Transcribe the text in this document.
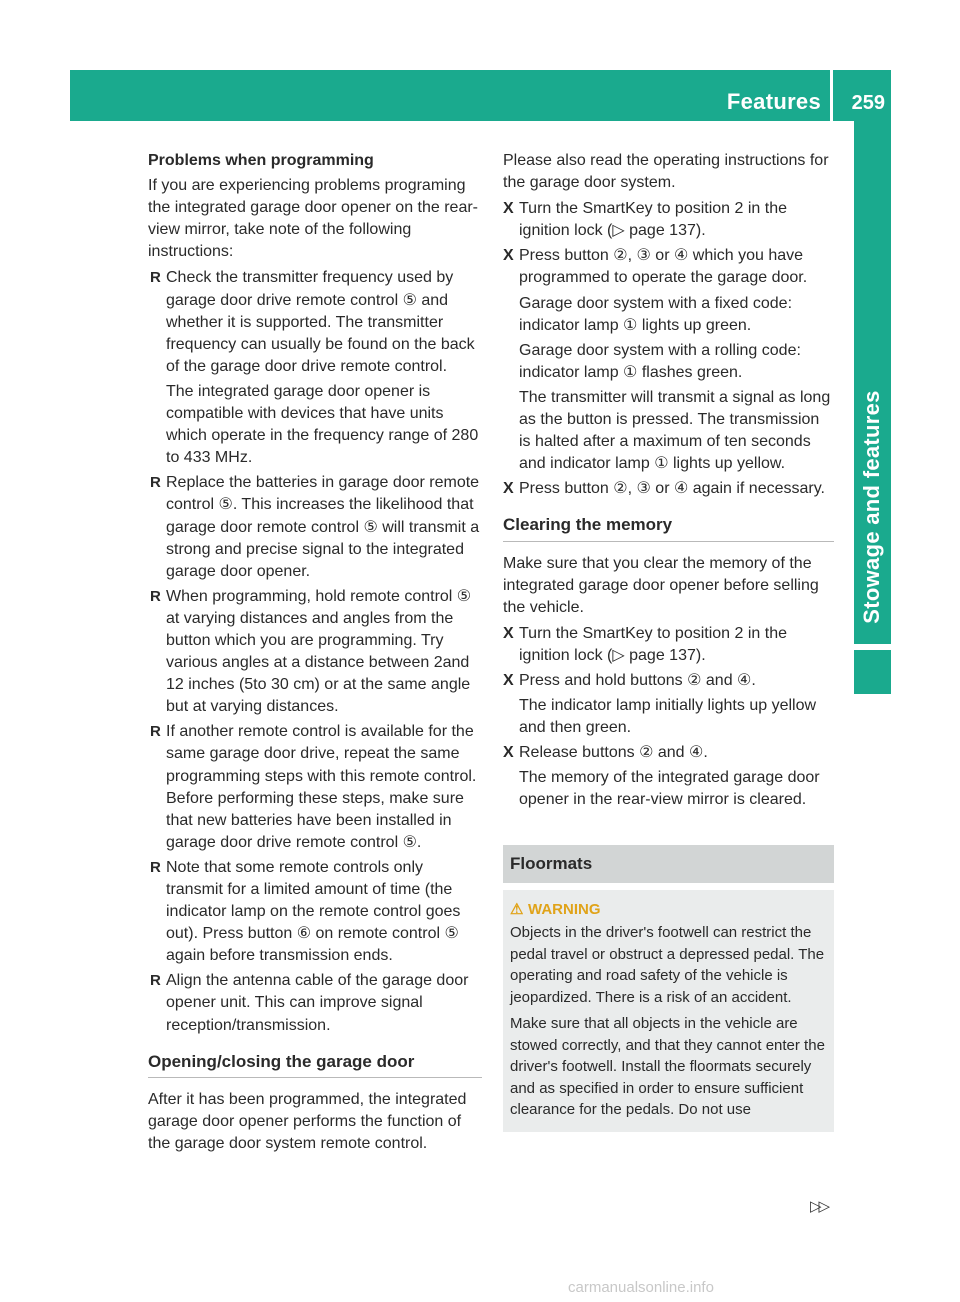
Features 259
Stowage and features
Problems when programming

If you are experiencing problems programing the integrated garage door opener on the rear-view mirror, take note of the following instructions:

R Check the transmitter frequency used by garage door drive remote control ⑤ and whether it is supported. The transmitter frequency can usually be found on the back of the garage door drive remote control.
The integrated garage door opener is compatible with devices that have units which operate in the frequency range of 280 to 433 MHz.
R Replace the batteries in garage door remote control ⑤. This increases the likelihood that garage door remote control ⑤ will transmit a strong and precise signal to the integrated garage door opener.
R When programming, hold remote control ⑤ at varying distances and angles from the button which you are programming. Try various angles at a distance between 2and 12 inches (5to 30 cm) or at the same angle but at varying distances.
R If another remote control is available for the same garage door drive, repeat the same programming steps with this remote control. Before performing these steps, make sure that new batteries have been installed in garage door drive remote control ⑤.
R Note that some remote controls only transmit for a limited amount of time (the indicator lamp on the remote control goes out). Press button ⑥ on remote control ⑤ again before transmission ends.
R Align the antenna cable of the garage door opener unit. This can improve signal reception/transmission.
Opening/closing the garage door

After it has been programmed, the integrated garage door opener performs the function of the garage door system remote control.

Please also read the operating instructions for the garage door system.

X Turn the SmartKey to position 2 in the ignition lock (▷ page 137).
X Press button ②, ③ or ④ which you have programmed to operate the garage door.
Garage door system with a fixed code: indicator lamp ① lights up green.
Garage door system with a rolling code: indicator lamp ① flashes green.
The transmitter will transmit a signal as long as the button is pressed. The transmission is halted after a maximum of ten seconds and indicator lamp ① lights up yellow.
X Press button ②, ③ or ④ again if necessary.
Clearing the memory

Make sure that you clear the memory of the integrated garage door opener before selling the vehicle.

X Turn the SmartKey to position 2 in the ignition lock (▷ page 137).
X Press and hold buttons ② and ④.
The indicator lamp initially lights up yellow and then green.
X Release buttons ② and ④.
The memory of the integrated garage door opener in the rear-view mirror is cleared.
Floormats
⚠ WARNING

Objects in the driver's footwell can restrict the pedal travel or obstruct a depressed pedal. The operating and road safety of the vehicle is jeopardized. There is a risk of an accident.

Make sure that all objects in the vehicle are stowed correctly, and that they cannot enter the driver's footwell. Install the floormats securely and as specified in order to ensure sufficient clearance for the pedals. Do not use

▷▷
carmanualsonline.info
